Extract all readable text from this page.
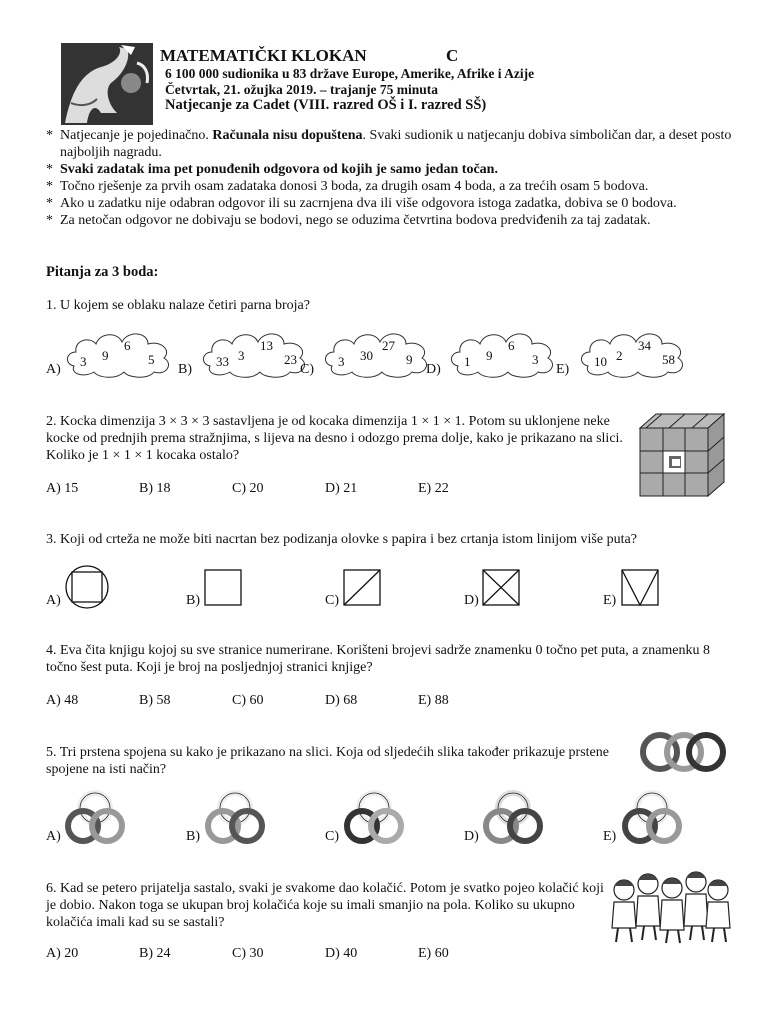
MATEMATIČKI KLOKAN	C
6 100 000 sudionika u 83 države Europe, Amerike, Afrike i Azije
Četvrtak, 21. ožujka 2019. – trajanje 75 minuta
Natjecanje za Cadet (VIII. razred OŠ i I. razred SŠ)
* Natjecanje je pojedinačno. Računala nisu dopuštena. Svaki sudionik u natjecanju dobiva simboličan dar, a deset posto najboljih nagradu.
* Svaki zadatak ima pet ponuđenih odgovora od kojih je samo jedan točan.
* Točno rješenje za prvih osam zadataka donosi 3 boda, za drugih osam 4 boda, a za trećih osam 5 bodova.
* Ako u zadatku nije odabran odgovor ili su zacrnjena dva ili više odgovora istoga zadatka, dobiva se 0 bodova.
* Za netočan odgovor ne dobivaju se bodovi, nego se oduzima četvrtina bodova predviđenih za taj zadatak.
Pitanja za 3 boda:
1. U kojem se oblaku nalaze četiri parna broja?
A)
3 9
6
5
B)
33 3
13
23
C)
3 30
27
9
D)
1 9
6
3
E)
10 2
34
58
2. Kocka dimenzija 3 × 3 × 3 sastavljena je od kocaka dimenzija 1 × 1 × 1. Potom su uklonjene neke kocke od prednjih prema stražnjima, s lijeva na desno i odozgo prema dolje, kako je prikazano na slici. Koliko je 1 × 1 × 1 kocaka ostalo?
A) 15	B) 18	C) 20	D) 21	E) 22
3. Koji od crteža ne može biti nacrtan bez podizanja olovke s papira i bez crtanja istom linijom više puta?
A)	B)	C)	D)	E)
4. Eva čita knjigu kojoj su sve stranice numerirane. Korišteni brojevi sadrže znamenku 0 točno pet puta, a znamenku 8 točno šest puta. Koji je broj na posljednjoj stranici knjige?
A) 48	B) 58	C) 60	D) 68	E) 88
5. Tri prstena spojena su kako je prikazano na slici. Koja od sljedećih slika također prikazuje prstene spojene na isti način?
A)	B)	C)	D)	E)
6. Kad se petero prijatelja sastalo, svaki je svakome dao kolačić. Potom je svatko pojeo kolačić koji je dobio. Nakon toga se ukupan broj kolačića koje su imali smanjio na pola. Koliko su ukupno kolačića imali kad su se sastali?
A) 20	B) 24	C) 30	D) 40	E) 60
